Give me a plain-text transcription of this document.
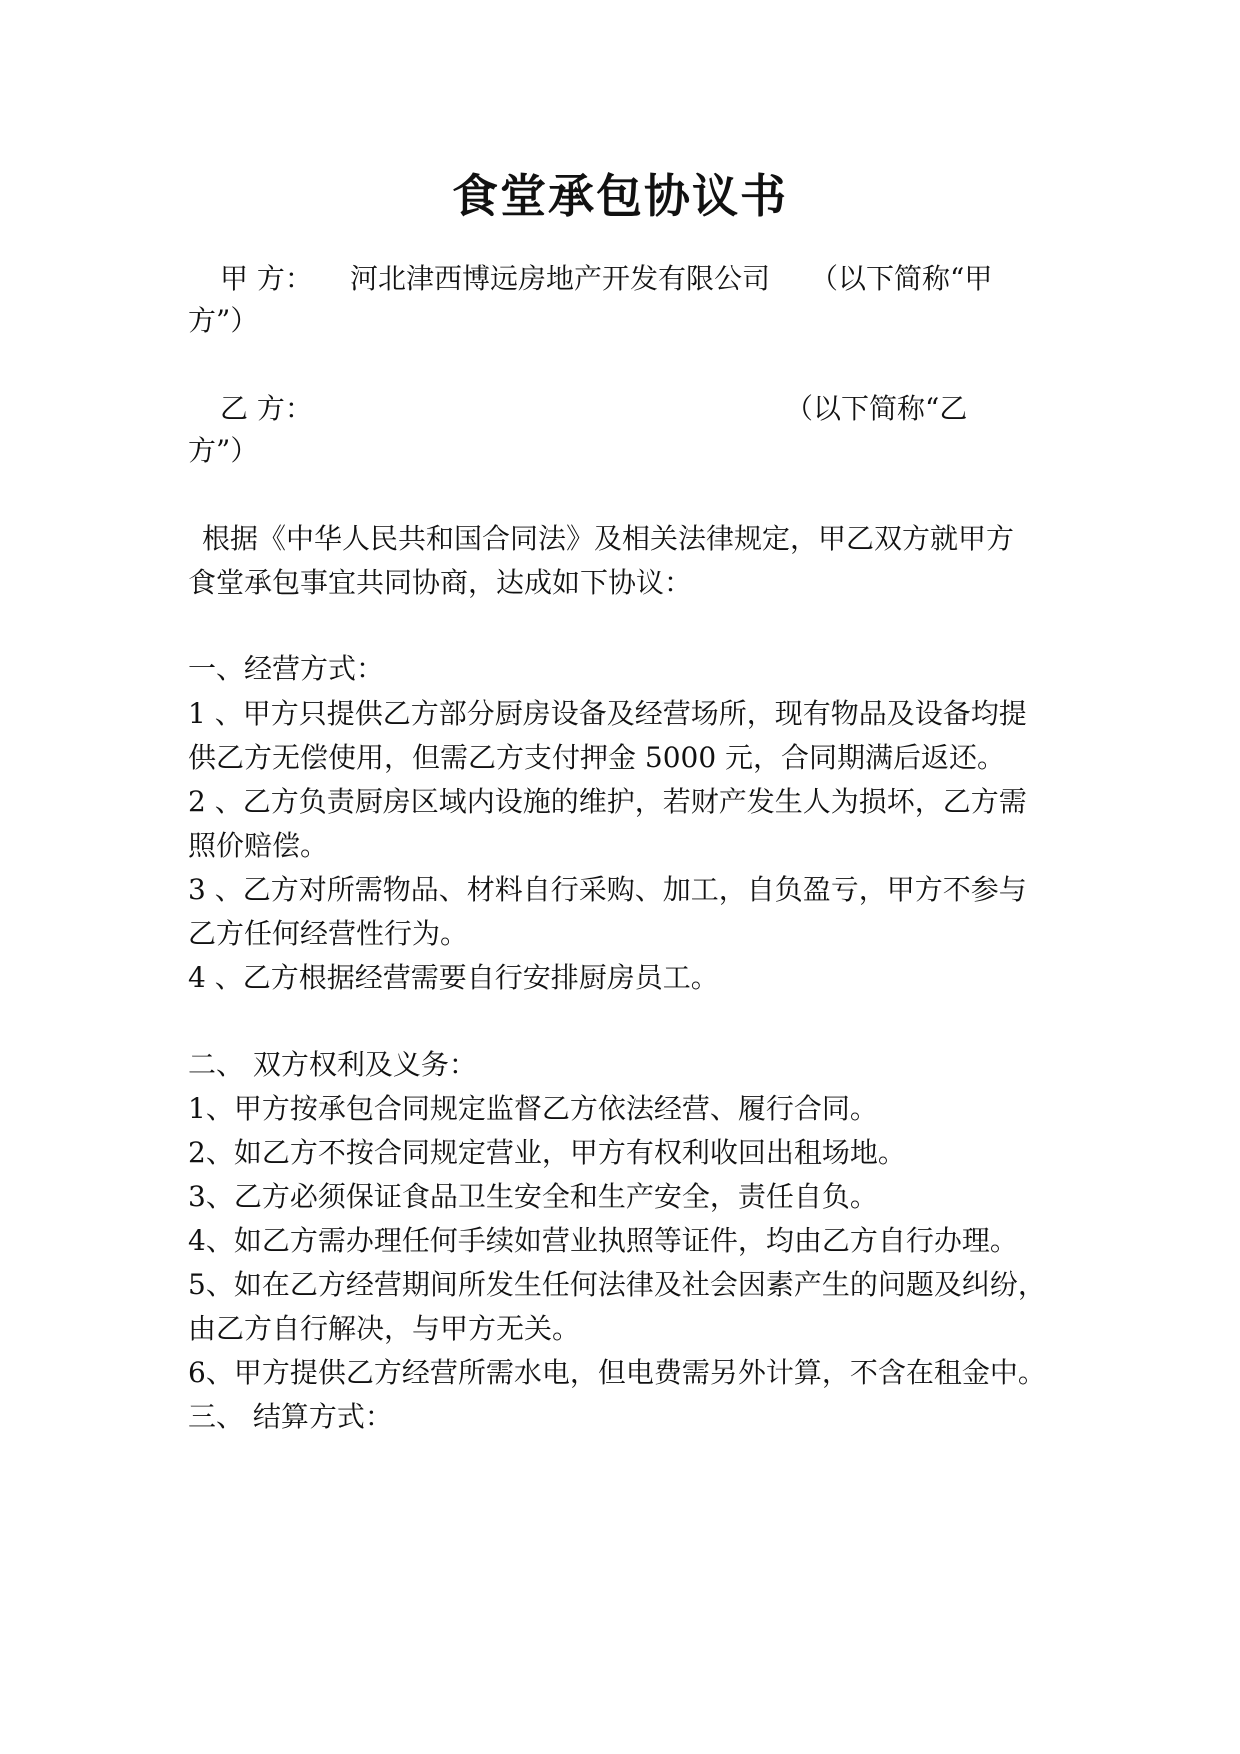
食堂承包协议书
甲 方： 河北津西博远房地产开发有限公司 （以下简称“甲
方”）
乙 方：	（以下简称“乙
方”）
根据《中华人民共和国合同法》及相关法律规定，甲乙双方就甲方
食堂承包事宜共同协商，达成如下协议：
一、经营方式：
1 、甲方只提供乙方部分厨房设备及经营场所，现有物品及设备均提
供乙方无偿使用，但需乙方支付押金 5000 元，合同期满后返还。
2 、乙方负责厨房区域内设施的维护，若财产发生人为损坏，乙方需
照价赔偿。
3 、乙方对所需物品、材料自行采购、加工，自负盈亏，甲方不参与
乙方任何经营性行为。
4 、乙方根据经营需要自行安排厨房员工。
二、 双方权利及义务：
1、甲方按承包合同规定监督乙方依法经营、履行合同。
2、如乙方不按合同规定营业，甲方有权利收回出租场地。
3、乙方必须保证食品卫生安全和生产安全，责任自负。
4、如乙方需办理任何手续如营业执照等证件，均由乙方自行办理。
5、如在乙方经营期间所发生任何法律及社会因素产生的问题及纠纷，
由乙方自行解决，与甲方无关。
6、甲方提供乙方经营所需水电，但电费需另外计算，不含在租金中。
三、 结算方式：
